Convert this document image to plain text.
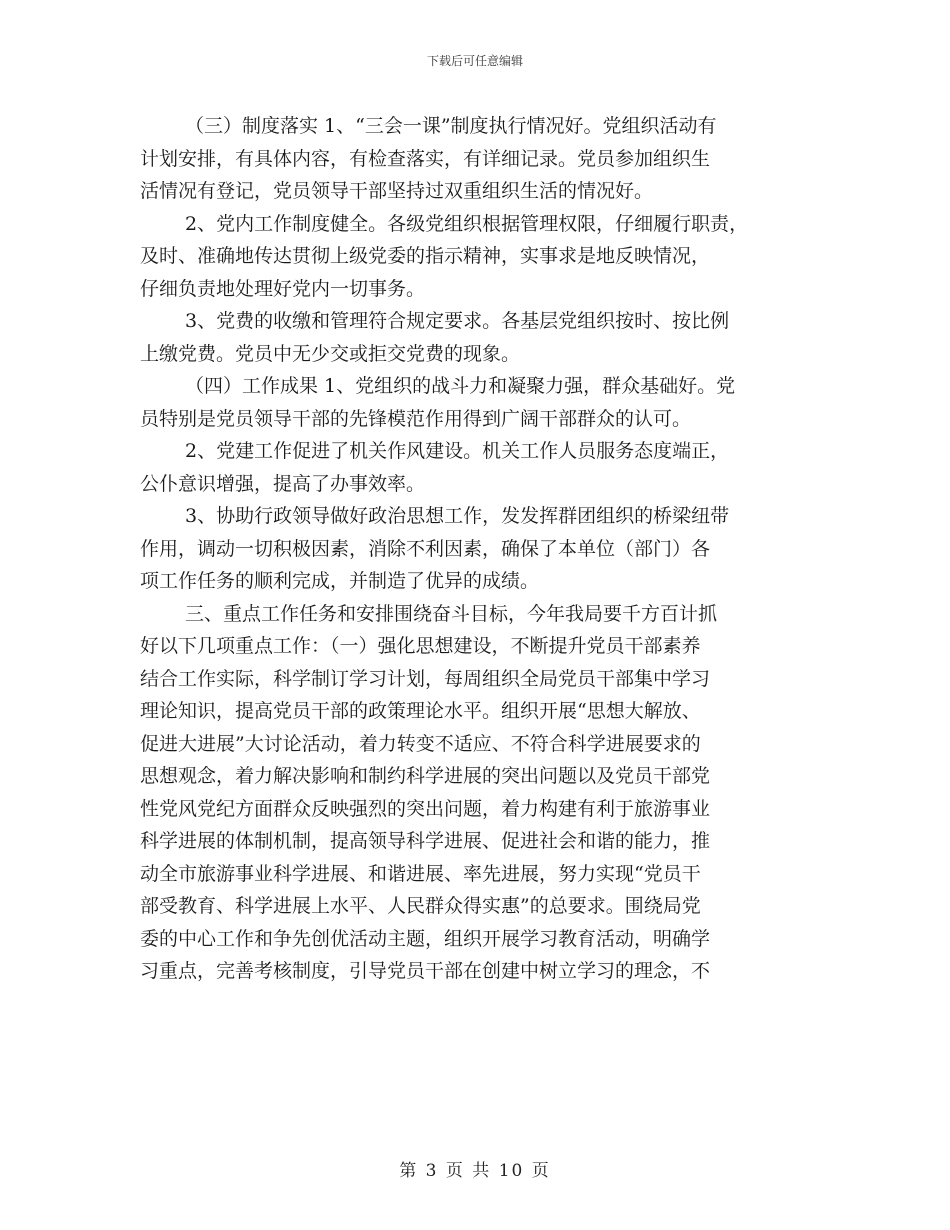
下载后可任意编辑
（三）制度落实 1、“三会一课”制度执行情况好。党组织活动有
计划安排，有具体内容，有检查落实，有详细记录。党员参加组织生
活情况有登记，党员领导干部坚持过双重组织生活的情况好。
2、党内工作制度健全。各级党组织根据管理权限，仔细履行职责，
及时、准确地传达贯彻上级党委的指示精神，实事求是地反映情况，
仔细负责地处理好党内一切事务。
3、党费的收缴和管理符合规定要求。各基层党组织按时、按比例
上缴党费。党员中无少交或拒交党费的现象。
（四）工作成果 1、党组织的战斗力和凝聚力强，群众基础好。党
员特别是党员领导干部的先锋模范作用得到广阔干部群众的认可。
2、党建工作促进了机关作风建设。机关工作人员服务态度端正，
公仆意识增强，提高了办事效率。
3、协助行政领导做好政治思想工作，发发挥群团组织的桥梁纽带
作用，调动一切积极因素，消除不利因素，确保了本单位（部门）各
项工作任务的顺利完成，并制造了优异的成绩。
三、重点工作任务和安排围绕奋斗目标，今年我局要千方百计抓
好以下几项重点工作：（一）强化思想建设，不断提升党员干部素养
结合工作实际，科学制订学习计划，每周组织全局党员干部集中学习
理论知识，提高党员干部的政策理论水平。组织开展“思想大解放、
促进大进展”大讨论活动，着力转变不适应、不符合科学进展要求的
思想观念，着力解决影响和制约科学进展的突出问题以及党员干部党
性党风党纪方面群众反映强烈的突出问题，着力构建有利于旅游事业
科学进展的体制机制，提高领导科学进展、促进社会和谐的能力，推
动全市旅游事业科学进展、和谐进展、率先进展，努力实现“党员干
部受教育、科学进展上水平、人民群众得实惠”的总要求。围绕局党
委的中心工作和争先创优活动主题，组织开展学习教育活动，明确学
习重点，完善考核制度，引导党员干部在创建中树立学习的理念，不
第 3 页 共 10 页
